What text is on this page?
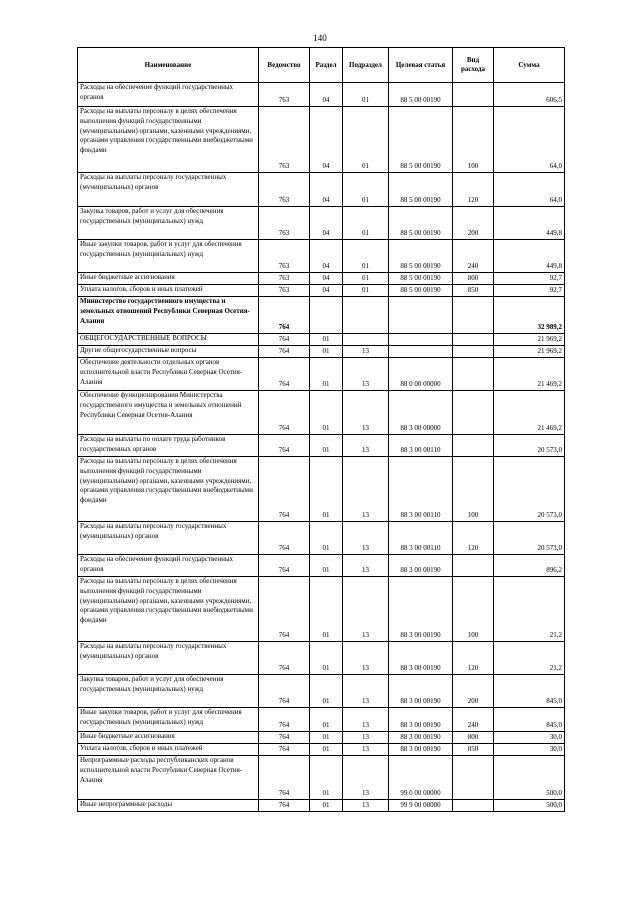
140
Наименование	Ведомство	Раздел	Подраздел	Целевая статья	Вид расхода	Сумма
Расходы на обеспечение функций государственных органов	763	04	01	88 5 00 00190		606,5
Расходы на выплаты персоналу в целях обеспечения выполнения функций государственными (муниципальными) органами, казенными учреждениями, органами управления государственными внебюджетными фондами	763	04	01	88 5 00 00190	100	64,0
Расходы на выплаты персоналу государственных (муниципальных) органов	763	04	01	88 5 00 00190	120	64,0
Закупка товаров, работ и услуг для обеспечения государственных (муниципальных) нужд	763	04	01	88 5 00 00190	200	449,8
Иные закупки товаров, работ и услуг для обеспечения государственных (муниципальных) нужд	763	04	01	88 5 00 00190	240	449,8
Иные бюджетные ассигнования	763	04	01	88 5 00 00190	800	92,7
Уплата налогов, сборов и иных платежей	763	04	01	88 5 00 00190	850	92,7
Министерство государственного имущества и земельных отношений Республики Северная Осетия-Алания	764					32 989,2
ОБЩЕГОСУДАРСТВЕННЫЕ ВОПРОСЫ	764	01				21 969,2
Другие общегосударственные вопросы	764	01	13			21 969,2
Обеспечение деятельности отдельных органов исполнительной власти Республики Северная Осетия-Алания	764	01	13	88 0 00 00000		21 469,2
Обеспечение функционирования Министерства государственного имущества и земельных отношений Республики Северная Осетия-Алания	764	01	13	88 3 00 00000		21 469,2
Расходы на выплаты по оплате труда работников государственных органов	764	01	13	88 3 00 00110		20 573,0
Расходы на выплаты персоналу в целях обеспечения выполнения функций государственными (муниципальными) органами, казенными учреждениями, органами управления государственными внебюджетными фондами	764	01	13	88 3 00 00110	100	20 573,0
Расходы на выплаты персоналу государственных (муниципальных) органов	764	01	13	88 3 00 00110	120	20 573,0
Расходы на обеспечение функций государственных органов	764	01	13	88 3 00 00190		896,2
Расходы на выплаты персоналу в целях обеспечения выполнения функций государственными (муниципальными) органами, казенными учреждениями, органами управления государственными внебюджетными фондами	764	01	13	88 3 00 00190	100	21,2
Расходы на выплаты персоналу государственных (муниципальных) органов	764	01	13	88 3 00 00190	120	21,2
Закупка товаров, работ и услуг для обеспечения государственных (муниципальных) нужд	764	01	13	88 3 00 00190	200	845,0
Иные закупки товаров, работ и услуг для обеспечения государственных (муниципальных) нужд	764	01	13	88 3 00 00190	240	845,0
Иные бюджетные ассигнования	764	01	13	88 3 00 00190	800	30,0
Уплата налогов, сборов и иных платежей	764	01	13	88 3 00 00190	850	30,0
Непрограммные расходы республиканских органов исполнительной власти Республики Северная Осетия-Алания	764	01	13	99 0 00 00000		500,0
Иные непрограммные расходы	764	01	13	99 9 00 00000		500,0
